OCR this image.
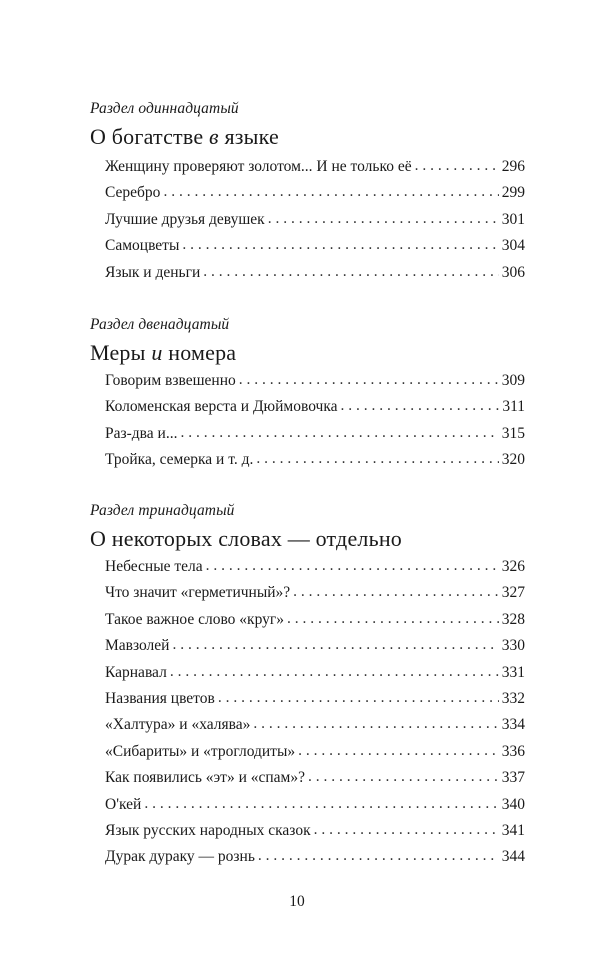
Раздел одиннадцатый

О богатстве в языке
Женщину проверяют золотом... И не только её . . .	296
Серебро . . .	299
Лучшие друзья девушек . . .	301
Самоцветы . . .	304
Язык и деньги . . .	306

Раздел двенадцатый

Меры и номера
Говорим взвешенно . . .	309
Коломенская верста и Дюймовочка . . .	311
Раз-два и... . . .	315
Тройка, семерка и т. д. . . .	320

Раздел тринадцатый

О некоторых словах — отдельно
Небесные тела . . .	326
Что значит «герметичный»? . . .	327
Такое важное слово «круг» . . .	328
Мавзолей . . .	330
Карнавал . . .	331
Названия цветов . . .	332
«Халтура» и «халява» . . .	334
«Сибариты» и «троглодиты» . . .	336
Как появились «эт» и «спам»? . . .	337
О'кей . . .	340
Язык русских народных сказок . . .	341
Дурак дураку — рознь . . .	344
10
